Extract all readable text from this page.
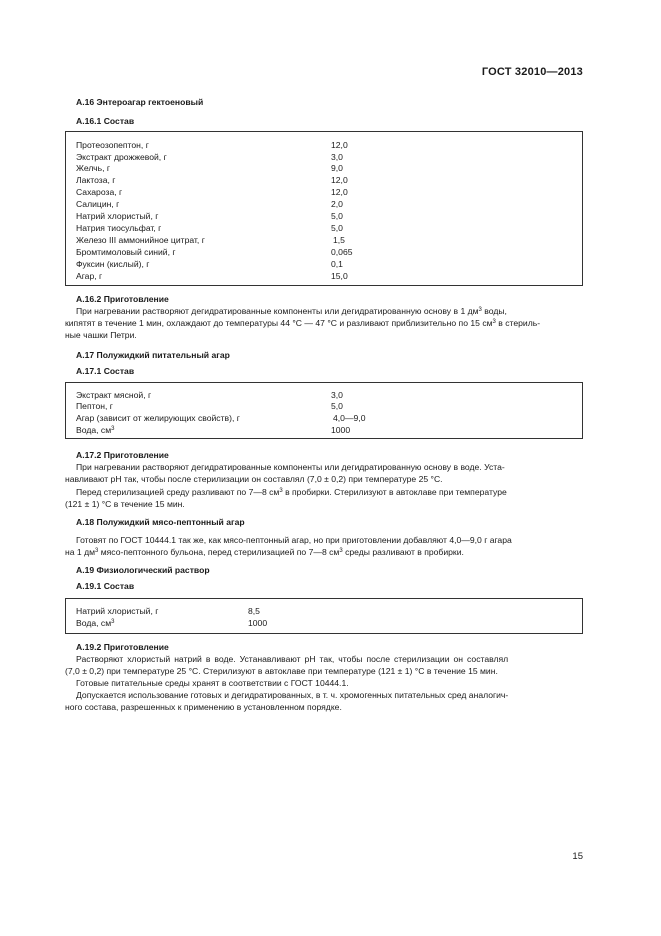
ГОСТ 32010—2013
А.16 Энтероагар гектоеновый
А.16.1 Состав
Протеозопептон, г	12,0
Экстракт дрожжевой, г	3,0
Желчь, г	9,0
Лактоза, г	12,0
Сахароза, г	12,0
Салицин, г	2,0
Натрий хлористый, г	5,0
Натрия тиосульфат, г	5,0
Железо III аммонийное цитрат, г	1,5
Бромтимоловый синий, г	0,065
Фуксин (кислый), г	0,1
Агар, г	15,0
А.16.2 Приготовление
При нагревании растворяют дегидратированные компоненты или дегидратированную основу в 1 $дм^3$ воды,
кипятят в течение 1 мин, охлаждают до температуры 44 °С — 47 °С и разливают приблизительно по 15 $см^3$ в стериль-
ные чашки Петри.
А.17 Полужидкий питательный агар
А.17.1 Состав
Экстракт мясной, г	3,0
Пептон, г	5,0
Агар (зависит от желирующих свойств), г	4,0—9,0
Вода, $см^3$	1000
А.17.2 Приготовление
При нагревании растворяют дегидратированные компоненты или дегидратированную основу в воде. Уста-
навливают pH так, чтобы после стерилизации он составлял (7,0 ± 0,2) при температуре 25 °С.
Перед стерилизацией среду разливают по 7—8 $см^3$ в пробирки. Стерилизуют в автоклаве при температуре
(121 ± 1) °С в течение 15 мин.
А.18 Полужидкий мясо-пептонный агар
Готовят по ГОСТ 10444.1 так же, как мясо-пептонный агар, но при приготовлении добавляют 4,0—9,0 г агара
на 1 $дм^3$ мясо-пептонного бульона, перед стерилизацией по 7—8 $см^3$ среды разливают в пробирки.
А.19 Физиологический раствор
А.19.1 Состав
Натрий хлористый, г	8,5
Вода, $см^3$	1000
А.19.2 Приготовление
Растворяют хлористый натрий в воде. Устанавливают pH так, чтобы после стерилизации он составлял
(7,0 ± 0,2) при температуре 25 °С. Стерилизуют в автоклаве при температуре (121 ± 1) °С в течение 15 мин.
Готовые питательные среды хранят в соответствии с ГОСТ 10444.1.
Допускается использование готовых и дегидратированных, в т. ч. хромогенных питательных сред аналогич-
ного состава, разрешенных к применению в установленном порядке.
15
